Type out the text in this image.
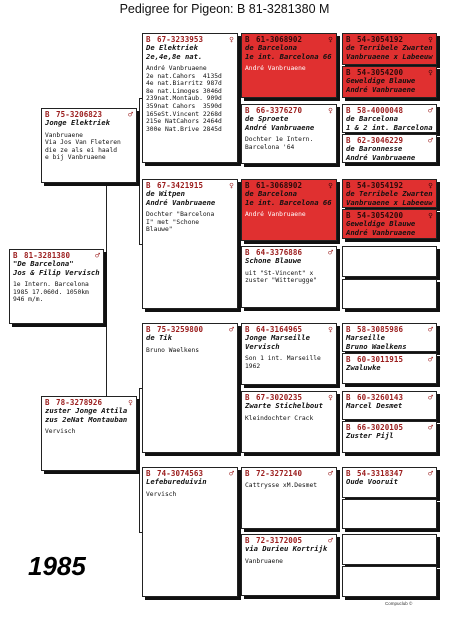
Pedigree for Pigeon: B 81-3281380 M
B 81-3281380	♂
"De Barcelona"
Jos & Filip Vervisch
1e Intern. Barcelona
1985 17.060d. 1050km
946 m/m.
B 75-3206823	♂
Jonge Elektriek
Vanbruaene
Via Jos Van Fleteren
die ze als ei haald
e bij Vanbruaene
B 78-3278926	♀
zuster Jonge Attila
zus 2eNat Montauban
Vervisch
B 67-3233953	♀
De Elektriek
2e,4e,8e nat.
André Vanbruaene
2e nat.Cahors  4135d
4e nat.Biarritz 987d
8e nat.Limoges 3046d
239nat.Montaub. 909d
359nat Cahors  3590d
165eSt.Vincent 2268d
215e NatCahors 2464d
300e Nat.Brive 2845d
B 67-3421915	♀
de Witpen
André Vanbruaene
Dochter "Barcelona
I" met "Schone
Blauwe"
B 75-3259800	♂
de Tik
Bruno Waelkens
B 74-3074563	♂
Lefebureduivin
Vervisch
B 61-3068902	♀
de Barcelona
1e int. Barcelona 66
André Vanbruaene
B 66-3376270	♀
de Sproete
André Vanbruaene
Dochter 1e Intern.
Barcelona '64
B 61-3068902	♀
de Barcelona
1e int. Barcelona 66
André Vanbruaene
B 64-3376886	♂
Schone Blauwe
uit "St-Vincent" x
zuster "Witterugge"
B 64-3164965	♀
Jonge Marseille
Vervisch
Son 1 int. Marseille
1962
B 67-3020235	♀
Zwarte Stichelbout
Kleindochter Crack
B 72-3272140	♂
Cattrysse xM.Desmet
B 72-3172005	♂
via Durieu Kortrijk
Vanbruaene
B 54-3054192	♀
de Terribele Zwarten
Vanbruaene x Labeeuw
B 54-3054200	♀
Geweldige Blauwe
André Vanbruaene
B 58-4000048	♂
de Barcelona
1 & 2 int. Barcelona
B 62-3046229	♂
de Baronnesse
André Vanbruaene
B 54-3054192	♀
de Terribele Zwarten
Vanbruaene x Labeeuw
B 54-3054200	♀
Geweldige Blauwe
André Vanbruaene
B 58-3085986	♂
Marseille
Bruno Waelkens
B 60-3011915	♂
Zwaluwke
B 60-3260143	♂
Marcel Desmet
B 66-3020105	♂
Zuster Pijl
B 54-3318347	♂
Oude Vooruit
1985
Compuclub ©
